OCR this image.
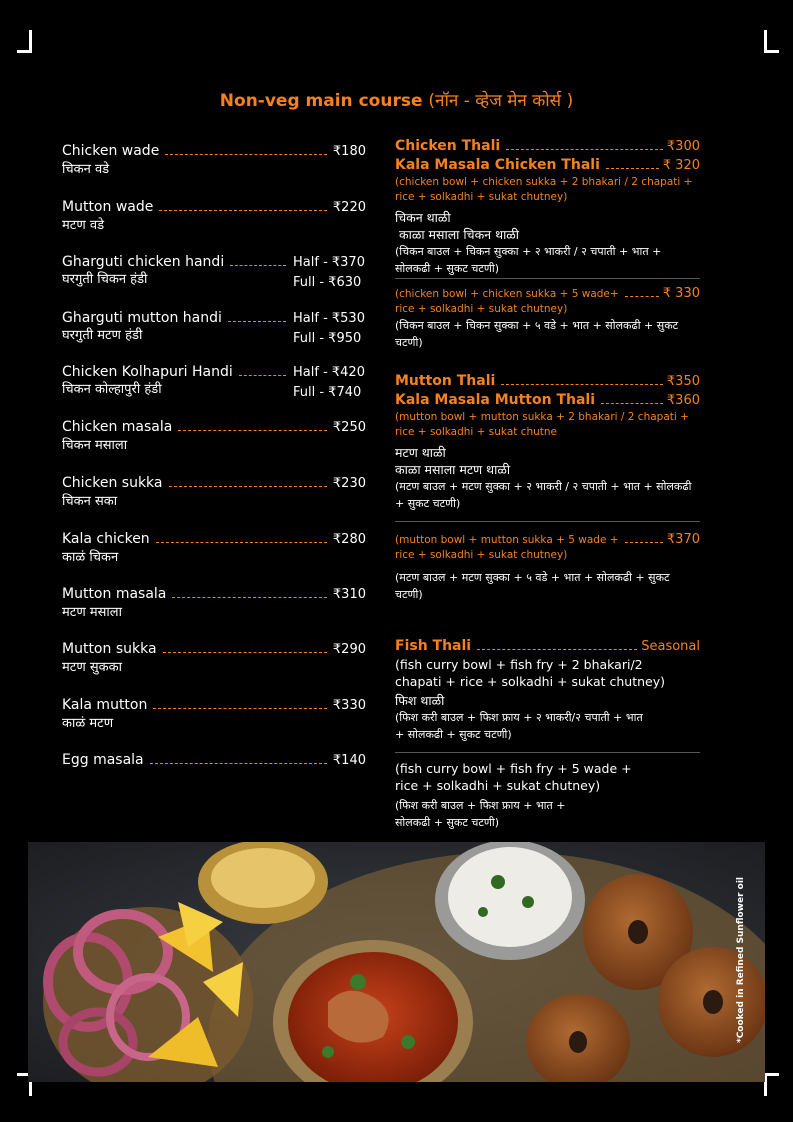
Non-veg main course (नॉन - व्हेज मेन कोर्स )
Chicken wade	₹180
चिकन वडे
Mutton wade	₹220
मटण वडे
Gharguti chicken handi
घरगुती चिकन हंडी
Half - ₹370
Full - ₹630
Gharguti mutton handi
घरगुती मटण हंडी
Half - ₹530
Full - ₹950
Chicken Kolhapuri Handi
चिकन कोल्हापुरी हंडी
Half - ₹420
Full - ₹740
Chicken masala	₹250
चिकन मसाला
Chicken sukka	₹230
चिकन सका
Kala chicken	₹280
काळं चिकन
Mutton masala	₹310
मटण मसाला
Mutton sukka	₹290
मटण सुकका
Kala mutton	₹330
काळं मटण
Egg masala	₹140
Chicken Thali	₹300
Kala Masala Chicken Thali	₹ 320
(chicken bowl + chicken sukka + 2 bhakari / 2 chapati + rice + solkadhi + sukat chutney)
चिकन थाळी
काळा मसाला चिकन थाळी
(चिकन बाउल + चिकन सुक्का + २ भाकरी / २ चपाती + भात + सोलकढी + सुकट चटणी)
(chicken bowl + chicken sukka + 5 wade+ rice + solkadhi + sukat chutney)
₹ 330
(चिकन बाउल + चिकन सुक्का + ५ वडे + भात + सोलकढी + सुकट चटणी)
Mutton Thali	₹350
Kala Masala Mutton Thali	₹360
(mutton bowl + mutton sukka + 2 bhakari / 2 chapati + rice + solkadhi + sukat chutne
मटण थाळी
काळा मसाला मटण थाळी
(मटण बाउल + मटण सुक्का + २ भाकरी / २ चपाती + भात + सोलकढी + सुकट चटणी)
(mutton bowl + mutton sukka + 5 wade + rice + solkadhi + sukat chutney)
₹370
(मटण बाउल + मटण सुक्का + ५ वडे + भात + सोलकढी + सुकट चटणी)
Fish Thali	Seasonal
(fish curry bowl + fish fry + 2 bhakari/2 chapati + rice + solkadhi + sukat chutney)
फिश थाळी
(फिश करी बाउल + फिश फ्राय + २ भाकरी/२ चपाती + भात + सोलकढी + सुकट चटणी)
(fish curry bowl + fish fry + 5 wade + rice + solkadhi + sukat chutney)
(फिश करी बाउल + फिश फ्राय + भात + सोलकढी + सुकट चटणी)
*Cooked in Refined Sunflower oil
